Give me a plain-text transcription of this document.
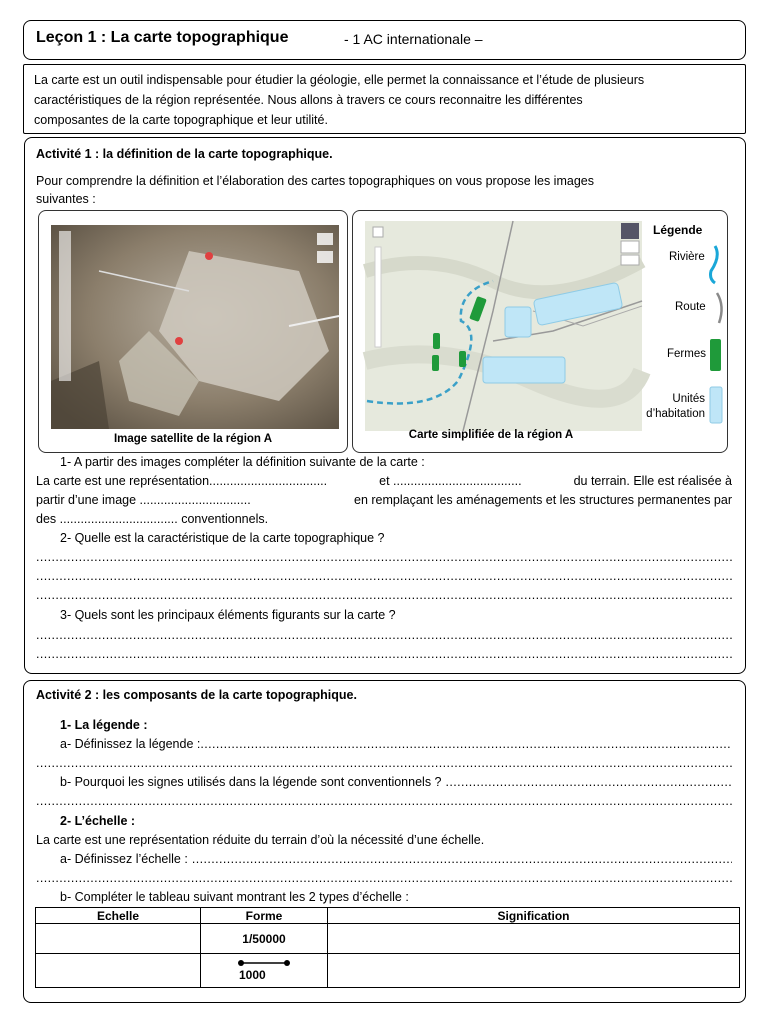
Leçon 1 : La carte topographique	- 1 AC internationale –
La carte est un outil indispensable pour étudier la géologie, elle permet la connaissance et l’étude de plusieurs
caractéristiques de la région représentée. Nous allons à travers ce cours reconnaitre les différentes
composantes de la carte topographique et leur utilité.
Activité 1 : la définition de la carte topographique.
Pour comprendre la définition et l’élaboration des cartes topographiques on vous propose les images
suivantes :
Image satellite de la région A
Légende
Rivière
Route
Fermes
Unités d’habitation
Carte simplifiée de la région A
1- A partir des images compléter la définition suivante de la carte :
La carte est une représentation..................................	et .....................................	du terrain. Elle est réalisée à
partir d’une image ................................	en remplaçant les aménagements et les structures permanentes par
des .................................. conventionnels.
2- Quelle est la caractéristique de la carte topographique ?
.....
.....
.....
3- Quels sont les principaux éléments figurants sur la carte ?
.....
.....
Activité 2 : les composants de la carte topographique.
1- La légende :
a- Définissez la légende :
.....
.....
b- Pourquoi les signes utilisés dans la légende sont conventionnels ?
.....
.....
2- L’échelle :
La carte est une représentation réduite du terrain d’où la nécessité d’une échelle.
a- Définissez l’échelle :
.....
.....
b- Compléter le tableau suivant montrant les 2 types d’échelle :
Echelle	Forme	Signification
	1/50000	

	1000	
